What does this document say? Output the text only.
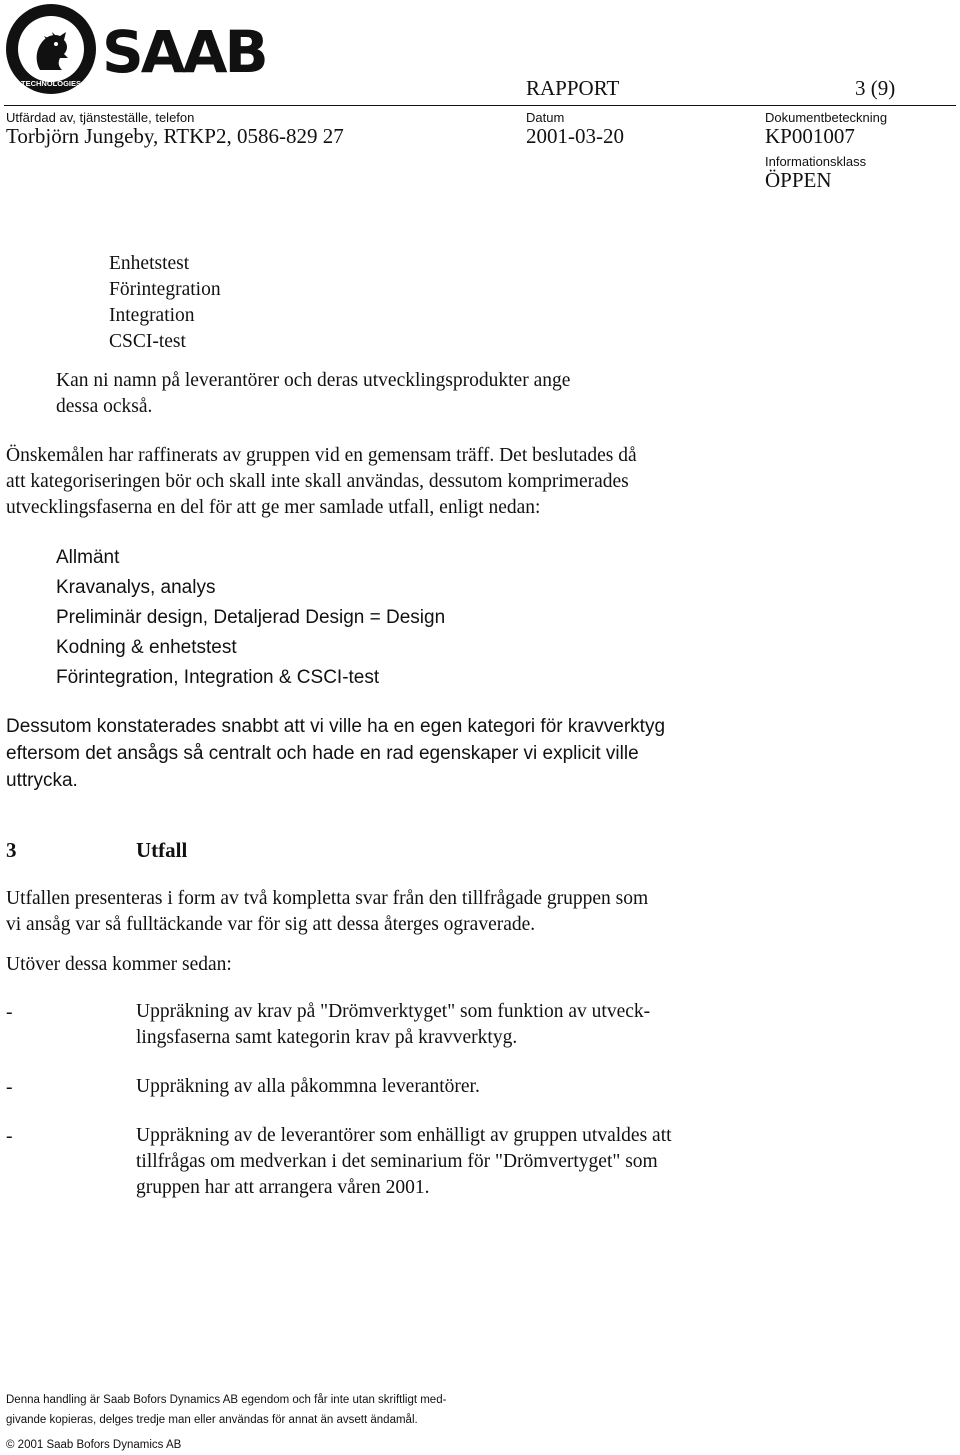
SAAB
TECHNOLOGIES SAAB
RAPPORT	3 (9)
Utfärdad av, tjänsteställe, telefon
Torbjörn Jungeby, RTKP2, 0586-829 27
Datum
2001-03-20
Dokumentbeteckning
KP001007
Informationsklass
ÖPPEN
Enhetstest
Förintegration
Integration
CSCI-test
Kan ni namn på leverantörer och deras utvecklingsprodukter ange
dessa också.
Önskemålen har raffinerats av gruppen vid en gemensam träff. Det beslutades då
att kategoriseringen bör och skall inte skall användas, dessutom komprimerades
utvecklingsfaserna en del för att ge mer samlade utfall, enligt nedan:
Allmänt
Kravanalys, analys
Preliminär design, Detaljerad Design = Design
Kodning & enhetstest
Förintegration, Integration & CSCI-test
Dessutom konstaterades snabbt att vi ville ha en egen kategori för kravverktyg
eftersom det ansågs så centralt och hade en rad egenskaper vi explicit ville
uttrycka.
3	Utfall
Utfallen presenteras i form av två kompletta svar från den tillfrågade gruppen som
vi ansåg var så fulltäckande var för sig att dessa återges ograverade.
Utöver dessa kommer sedan:
-	Uppräkning av krav på "Drömverktyget" som funktion av utveck-
lingsfaserna samt kategorin krav på kravverktyg.
-	Uppräkning av alla påkommna leverantörer.
-	Uppräkning av de leverantörer som enhälligt av gruppen utvaldes att
tillfrågas om medverkan i det seminarium för "Drömvertyget" som
gruppen har att arrangera våren 2001.
Denna handling är Saab Bofors Dynamics AB egendom och får inte utan skriftligt med-
givande kopieras, delges tredje man eller användas för annat än avsett ändamål.
© 2001 Saab Bofors Dynamics AB
